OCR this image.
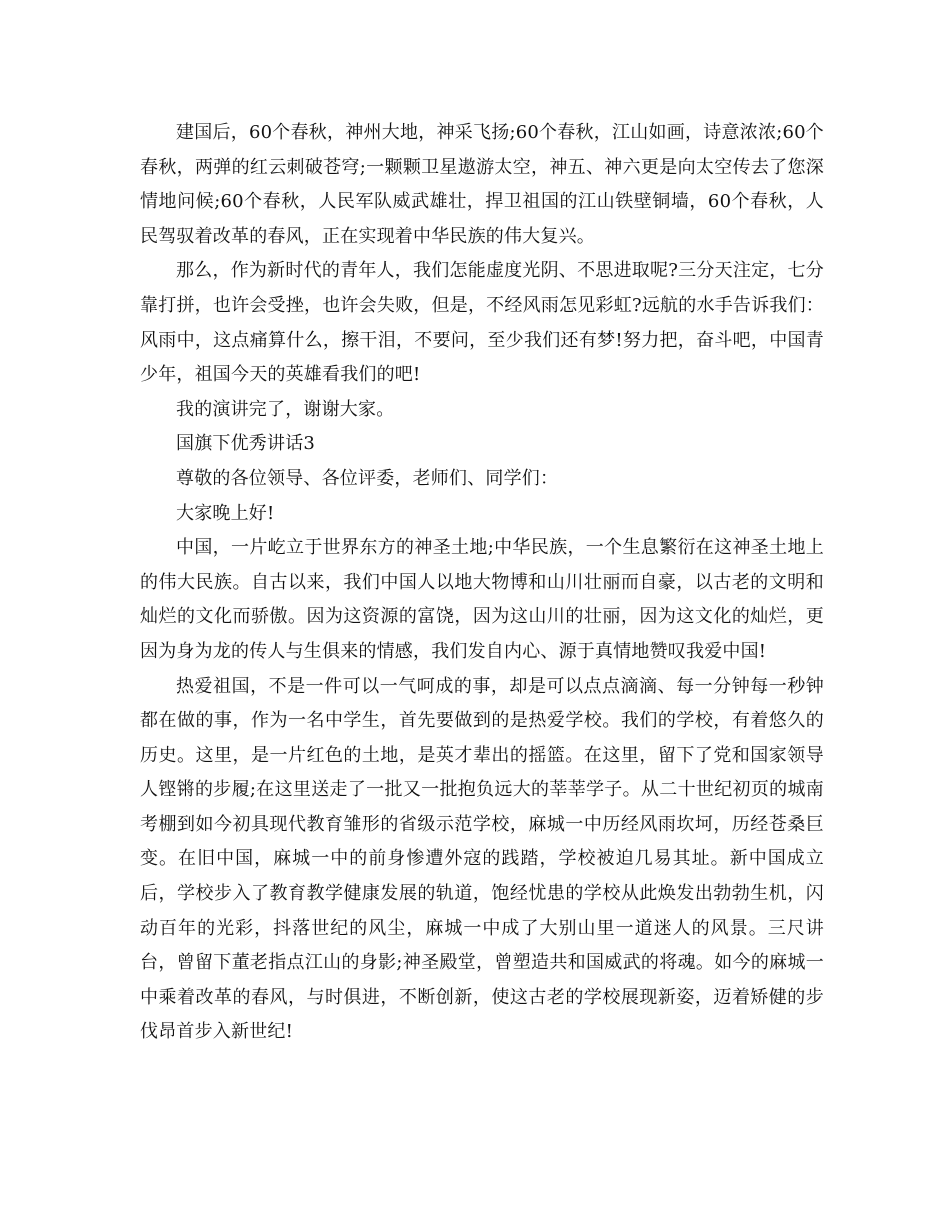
建国后，60个春秋，神州大地，神采飞扬;60个春秋，江山如画，诗意浓浓;60个春秋，两弹的红云刺破苍穹;一颗颗卫星遨游太空，神五、神六更是向太空传去了您深情地问候;60个春秋，人民军队威武雄壮，捍卫祖国的江山铁壁铜墙，60个春秋，人民驾驭着改革的春风，正在实现着中华民族的伟大复兴。

那么，作为新时代的青年人，我们怎能虚度光阴、不思进取呢?三分天注定，七分靠打拼，也许会受挫，也许会失败，但是，不经风雨怎见彩虹?远航的水手告诉我们：风雨中，这点痛算什么，擦干泪，不要问，至少我们还有梦!努力把，奋斗吧，中国青少年，祖国今天的英雄看我们的吧!

我的演讲完了，谢谢大家。

国旗下优秀讲话3

尊敬的各位领导、各位评委，老师们、同学们：

大家晚上好!

中国，一片屹立于世界东方的神圣土地;中华民族，一个生息繁衍在这神圣土地上的伟大民族。自古以来，我们中国人以地大物博和山川壮丽而自豪，以古老的文明和灿烂的文化而骄傲。因为这资源的富饶，因为这山川的壮丽，因为这文化的灿烂，更因为身为龙的传人与生俱来的情感，我们发自内心、源于真情地赞叹我爱中国!

热爱祖国，不是一件可以一气呵成的事，却是可以点点滴滴、每一分钟每一秒钟都在做的事，作为一名中学生，首先要做到的是热爱学校。我们的学校，有着悠久的历史。这里，是一片红色的土地，是英才辈出的摇篮。在这里，留下了党和国家领导人铿锵的步履;在这里送走了一批又一批抱负远大的莘莘学子。从二十世纪初页的城南考棚到如今初具现代教育雏形的省级示范学校，麻城一中历经风雨坎坷，历经苍桑巨变。在旧中国，麻城一中的前身惨遭外寇的践踏，学校被迫几易其址。新中国成立后，学校步入了教育教学健康发展的轨道，饱经忧患的学校从此焕发出勃勃生机，闪动百年的光彩，抖落世纪的风尘，麻城一中成了大别山里一道迷人的风景。三尺讲台，曾留下董老指点江山的身影;神圣殿堂，曾塑造共和国威武的将魂。如今的麻城一中乘着改革的春风，与时俱进，不断创新，使这古老的学校展现新姿，迈着矫健的步伐昂首步入新世纪!
